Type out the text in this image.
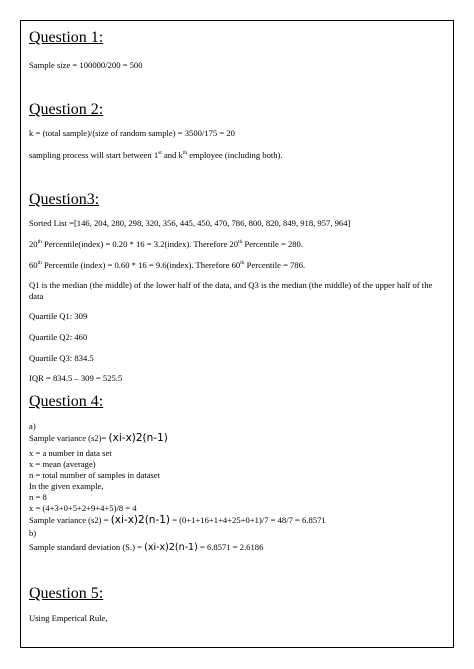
Question 1:
Sample size = 100000/200 = 500
Question 2:
k = (total sample)/(size of random sample) = 3500/175 = 20
sampling process will start between 1st and $k^{th}$ employee (including both).
Question3:
Sorted List =[146, 204, 280, 298, 320, 356, 445, 450, 470, 786, 800, 820, 849, 918, 957, 964]
20th Percentile(index) = 0.20 * 16 = 3.2(index). Therefore 20th Percentile = 280.
60th Percentile (index) = 0.60 * 16 = 9.6(index). Therefore 60th Percentile = 786.
Q1 is the median (the middle) of the lower half of the data, and Q3 is the median (the middle) of the upper half of the data
Quartile Q1: 309
Quartile Q2: 460
Quartile Q3: 834.5
IQR = 834.5 – 309 = 525.5
Question 4:
a)
Sample variance (s2)= (xi-x)2(n-1)
x = a number in data set
x = mean (average)
n = total number of samples in dataset
In the given example,
n = 8
x = (4+3+0+5+2+9+4+5)/8 = 4
Sample variance (s2) = (xi-x)2(n-1) = (0+1+16+1+4+25+0+1)/7 = 48/7 = 6.8571
b)
Sample standard deviation (S.) = (xi-x)2(n-1) = 6.8571 = 2.6186
Question 5:
Using Emperical Rule,
